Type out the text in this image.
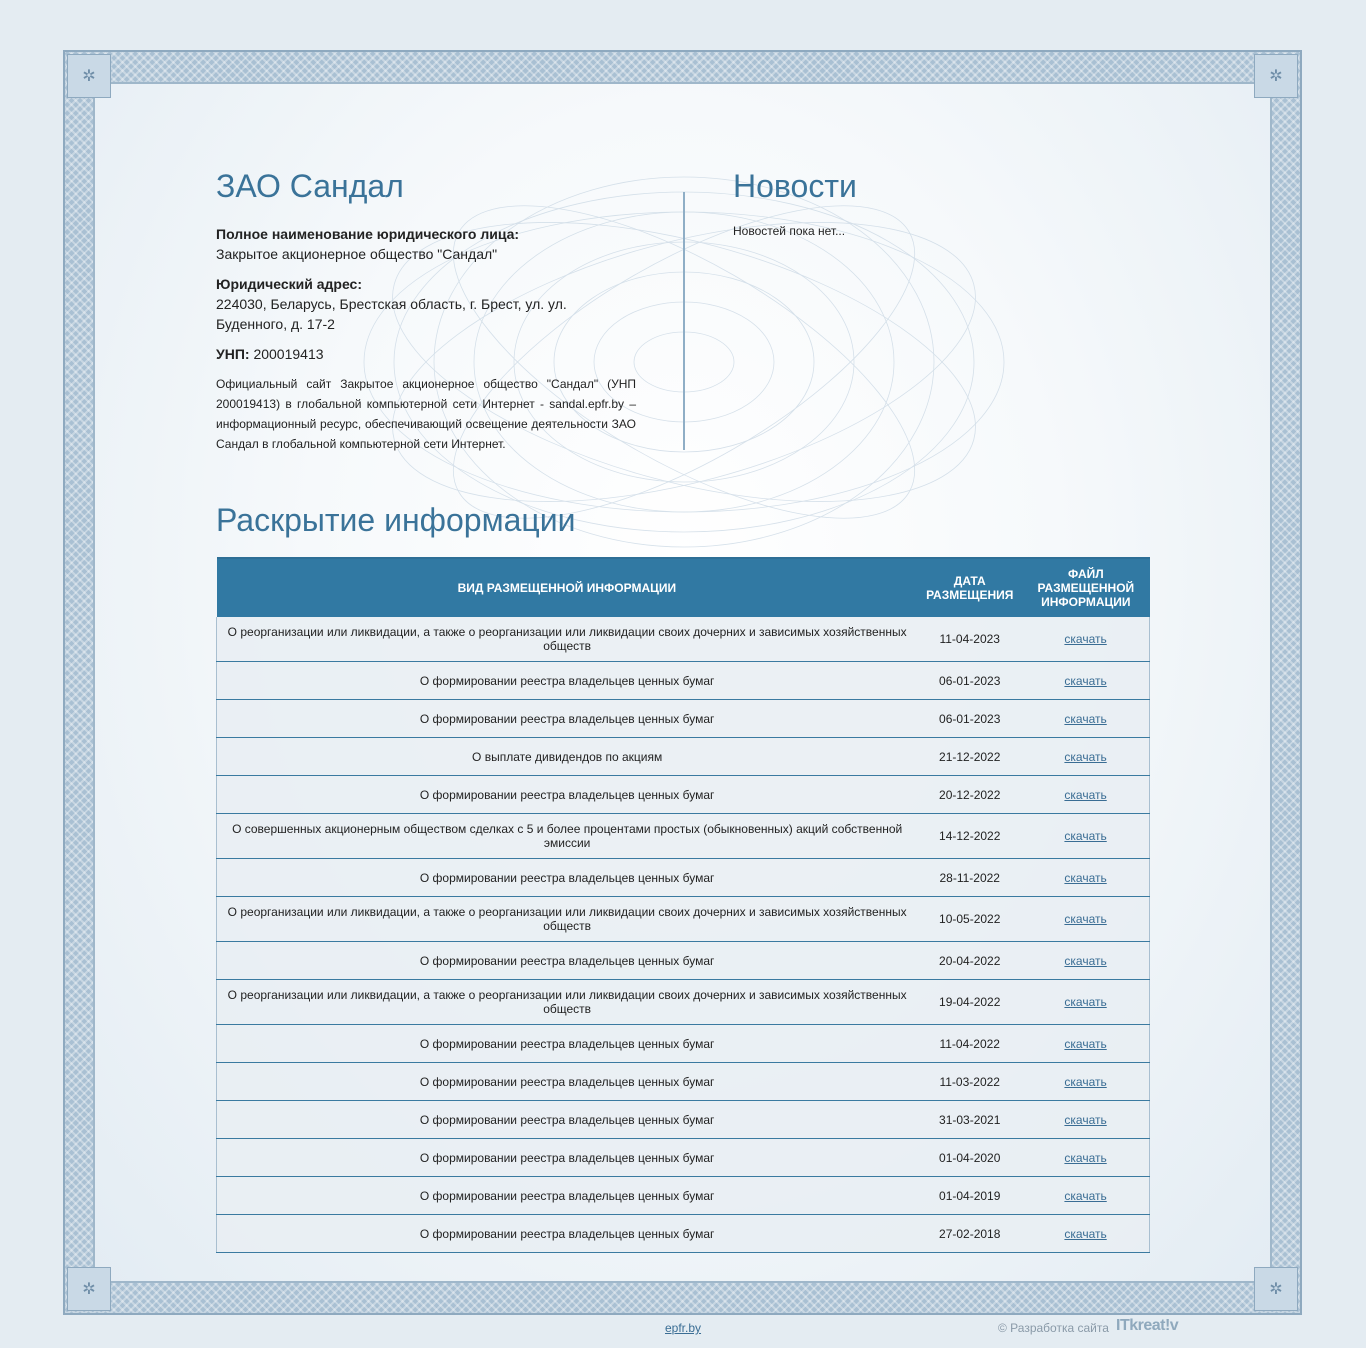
✲	✲
✲	✲
ЗАО Сандал
Полное наименование юридического лица:
Закрытое акционерное общество "Сандал"
Юридический адрес:
224030, Беларусь, Брестская область, г. Брест, ул. ул. Буденного, д. 17-2
УНП: 200019413
Официальный сайт Закрытое акционерное общество "Сандал" (УНП 200019413) в глобальной компьютерной сети Интернет - sandal.epfr.by – информационный ресурс, обеспечивающий освещение деятельности ЗАО Сандал в глобальной компьютерной сети Интернет.
Новости
Новостей пока нет...
Раскрытие информации
ВИД РАЗМЕЩЕННОЙ ИНФОРМАЦИИ	ДАТА РАЗМЕЩЕНИЯ	ФАЙЛ РАЗМЕЩЕННОЙ ИНФОРМАЦИИ
О реорганизации или ликвидации, а также о реорганизации или ликвидации своих дочерних и зависимых хозяйственных обществ	11-04-2023	скачать
О формировании реестра владельцев ценных бумаг	06-01-2023	скачать
О формировании реестра владельцев ценных бумаг	06-01-2023	скачать
О выплате дивидендов по акциям	21-12-2022	скачать
О формировании реестра владельцев ценных бумаг	20-12-2022	скачать
О совершенных акционерным обществом сделках с 5 и более процентами простых (обыкновенных) акций собственной эмиссии	14-12-2022	скачать
О формировании реестра владельцев ценных бумаг	28-11-2022	скачать
О реорганизации или ликвидации, а также о реорганизации или ликвидации своих дочерних и зависимых хозяйственных обществ	10-05-2022	скачать
О формировании реестра владельцев ценных бумаг	20-04-2022	скачать
О реорганизации или ликвидации, а также о реорганизации или ликвидации своих дочерних и зависимых хозяйственных обществ	19-04-2022	скачать
О формировании реестра владельцев ценных бумаг	11-04-2022	скачать
О формировании реестра владельцев ценных бумаг	11-03-2022	скачать
О формировании реестра владельцев ценных бумаг	31-03-2021	скачать
О формировании реестра владельцев ценных бумаг	01-04-2020	скачать
О формировании реестра владельцев ценных бумаг	01-04-2019	скачать
О формировании реестра владельцев ценных бумаг	27-02-2018	скачать
epfr.by	© Разработка сайта ITkreat!v
